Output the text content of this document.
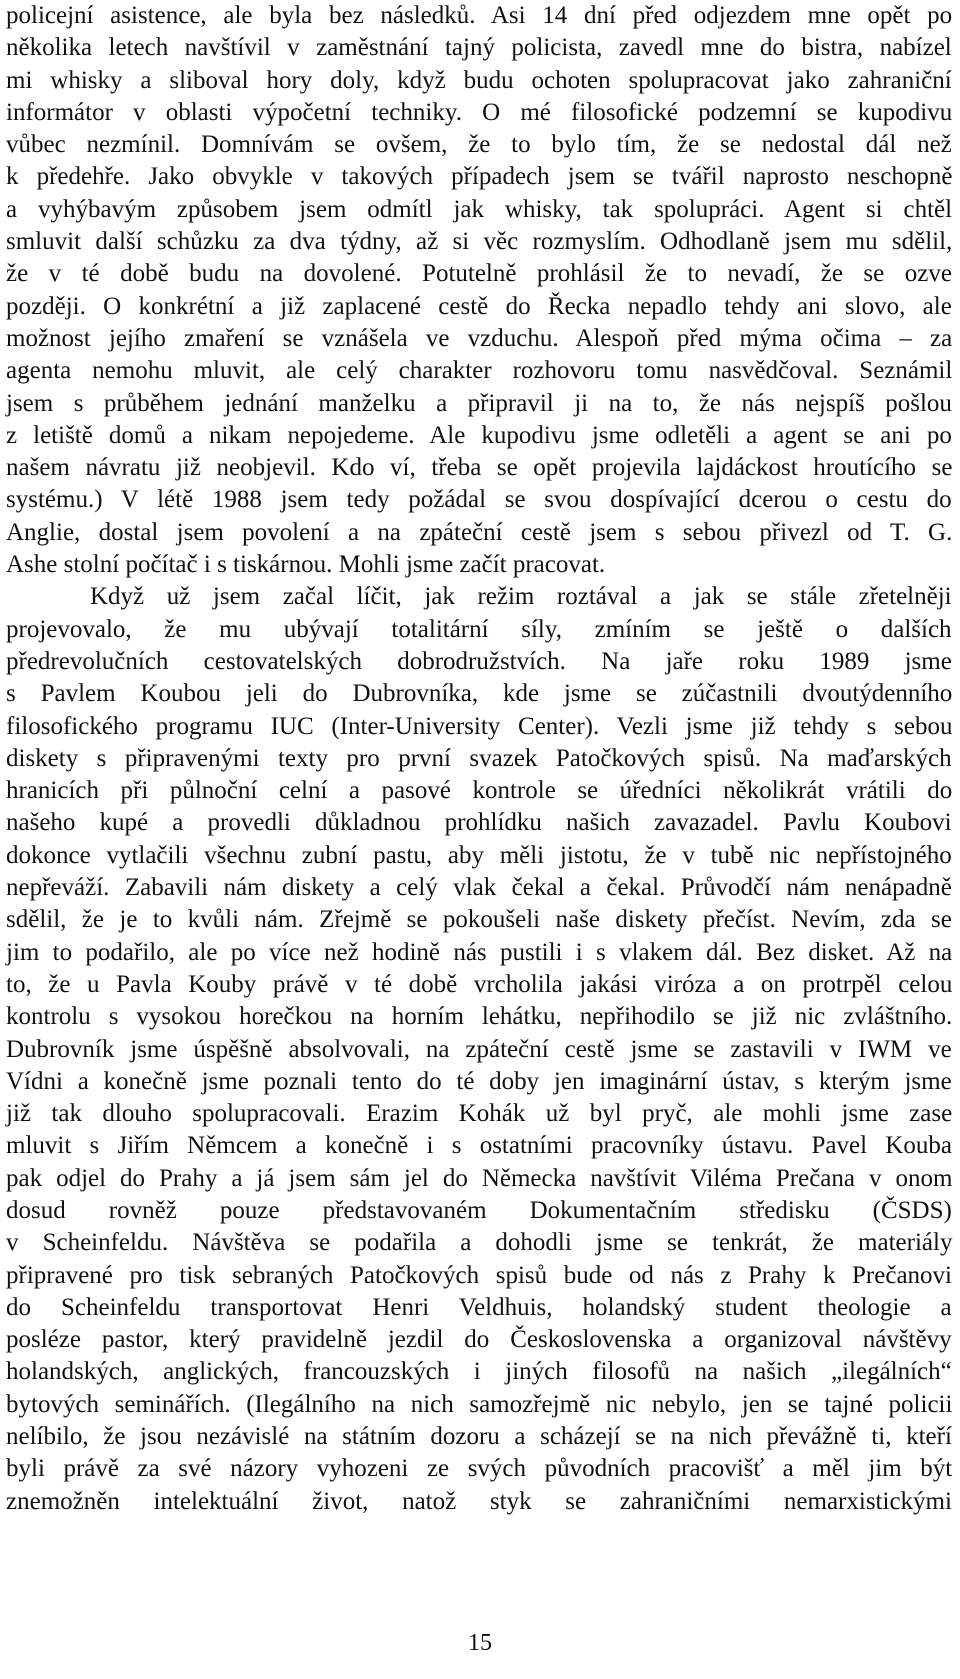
policejní asistence, ale byla bez následků. Asi 14 dní před odjezdem mne opět po
několika letech navštívil v zaměstnání tajný policista, zavedl mne do bistra, nabízel
mi whisky a sliboval hory doly, když budu ochoten spolupracovat jako zahraniční
informátor v oblasti výpočetní techniky. O mé filosofické podzemní se kupodivu
vůbec nezmínil. Domnívám se ovšem, že to bylo tím, že se nedostal dál než
k předehře. Jako obvykle v takových případech jsem se tvářil naprosto neschopně
a vyhýbavým způsobem jsem odmítl jak whisky, tak spolupráci. Agent si chtěl
smluvit další schůzku za dva týdny, až si věc rozmyslím. Odhodlaně jsem mu sdělil,
že v té době budu na dovolené. Potutelně prohlásil že to nevadí, že se ozve
později. O konkrétní a již zaplacené cestě do Řecka nepadlo tehdy ani slovo, ale
možnost jejího zmaření se vznášela ve vzduchu. Alespoň před mýma očima – za
agenta nemohu mluvit, ale celý charakter rozhovoru tomu nasvědčoval. Seznámil
jsem s průběhem jednání manželku a připravil ji na to, že nás nejspíš pošlou
z letiště domů a nikam nepojedeme. Ale kupodivu jsme odletěli a agent se ani po
našem návratu již neobjevil. Kdo ví, třeba se opět projevila lajdáckost hroutícího se
systému.) V létě 1988 jsem tedy požádal se svou dospívající dcerou o cestu do
Anglie, dostal jsem povolení a na zpáteční cestě jsem s sebou přivezl od T. G.
Ashe stolní počítač i s tiskárnou. Mohli jsme začít pracovat.
Když už jsem začal líčit, jak režim roztával a jak se stále zřetelněji
projevovalo, že mu ubývají totalitární síly, zmíním se ještě o dalších
předrevolučních cestovatelských dobrodružstvích. Na jaře roku 1989 jsme
s Pavlem Koubou jeli do Dubrovníka, kde jsme se zúčastnili dvoutýdenního
filosofického programu IUC (Inter-University Center). Vezli jsme již tehdy s sebou
diskety s připravenými texty pro první svazek Patočkových spisů. Na maďarských
hranicích při půlnoční celní a pasové kontrole se úředníci několikrát vrátili do
našeho kupé a provedli důkladnou prohlídku našich zavazadel. Pavlu Koubovi
dokonce vytlačili všechnu zubní pastu, aby měli jistotu, že v tubě nic nepřístojného
nepřeváží. Zabavili nám diskety a celý vlak čekal a čekal. Průvodčí nám nenápadně
sdělil, že je to kvůli nám. Zřejmě se pokoušeli naše diskety přečíst. Nevím, zda se
jim to podařilo, ale po více než hodině nás pustili i s vlakem dál. Bez disket. Až na
to, že u Pavla Kouby právě v té době vrcholila jakási viróza a on protrpěl celou
kontrolu s vysokou horečkou na horním lehátku, nepřihodilo se již nic zvláštního.
Dubrovník jsme úspěšně absolvovali, na zpáteční cestě jsme se zastavili v IWM ve
Vídni a konečně jsme poznali tento do té doby jen imaginární ústav, s kterým jsme
již tak dlouho spolupracovali. Erazim Kohák už byl pryč, ale mohli jsme zase
mluvit s Jiřím Němcem a konečně i s ostatními pracovníky ústavu. Pavel Kouba
pak odjel do Prahy a já jsem sám jel do Německa navštívit Viléma Prečana v onom
dosud rovněž pouze představovaném Dokumentačním středisku (ČSDS)
v Scheinfeldu. Návštěva se podařila a dohodli jsme se tenkrát, že materiály
připravené pro tisk sebraných Patočkových spisů bude od nás z Prahy k Prečanovi
do Scheinfeldu transportovat Henri Veldhuis, holandský student theologie a
posléze pastor, který pravidelně jezdil do Československa a organizoval návštěvy
holandských, anglických, francouzských i jiných filosofů na našich „ilegálních“
bytových seminářích. (Ilegálního na nich samozřejmě nic nebylo, jen se tajné policii
nelíbilo, že jsou nezávislé na státním dozoru a scházejí se na nich převážně ti, kteří
byli právě za své názory vyhozeni ze svých původních pracovišť a měl jim být
znemožněn intelektuální život, natož styk se zahraničními nemarxistickými
15
